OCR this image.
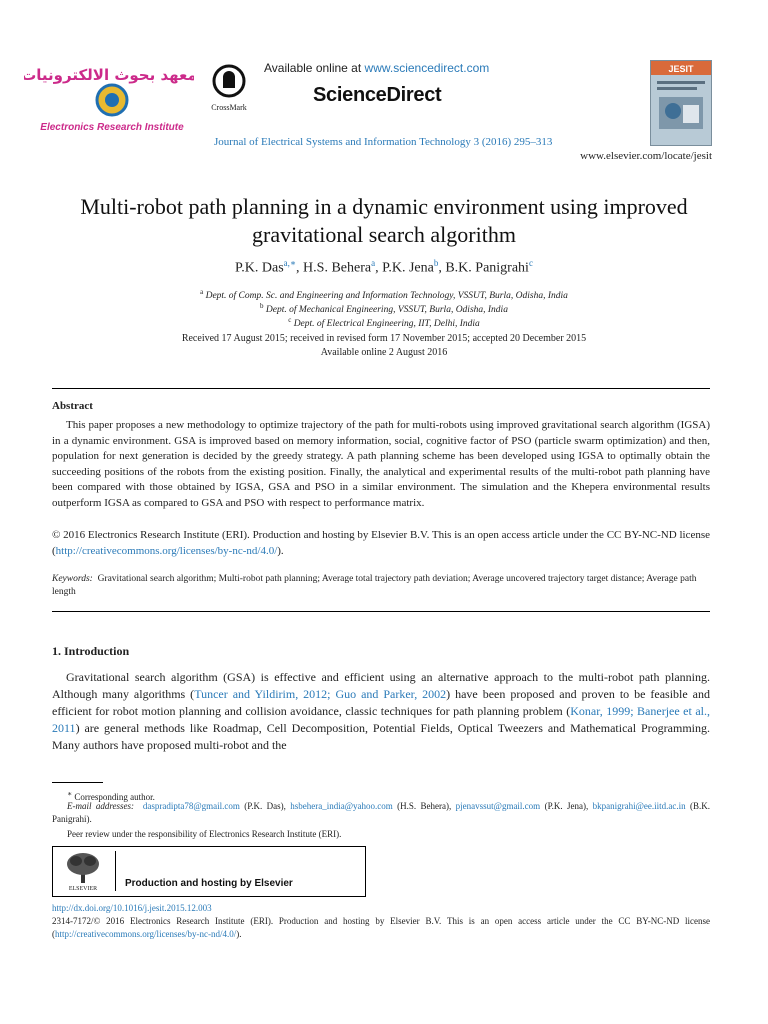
معهد بحوث الالكترونيات
Electronics Research Institute
CrossMark
Available online at www.sciencedirect.com
ScienceDirect
JESIT
Journal of Electrical Systems and Information Technology 3 (2016) 295–313
www.elsevier.com/locate/jesit
Multi-robot path planning in a dynamic environment using improved
gravitational search algorithm
P.K. Das$^{a,∗}$, H.S. Behera$^a$, P.K. Jena$^b$, B.K. Panigrahi$^c$
$^a$ Dept. of Comp. Sc. and Engineering and Information Technology, VSSUT, Burla, Odisha, India
$^b$ Dept. of Mechanical Engineering, VSSUT, Burla, Odisha, India
$^c$ Dept. of Electrical Engineering, IIT, Delhi, India
Received 17 August 2015; received in revised form 17 November 2015; accepted 20 December 2015
Available online 2 August 2016
Abstract
This paper proposes a new methodology to optimize trajectory of the path for multi-robots using improved gravitational search algorithm (IGSA) in a dynamic environment. GSA is improved based on memory information, social, cognitive factor of PSO (particle swarm optimization) and then, population for next generation is decided by the greedy strategy. A path planning scheme has been developed using IGSA to optimally obtain the succeeding positions of the robots from the existing position. Finally, the analytical and experimental results of the multi-robot path planning have been compared with those obtained by IGSA, GSA and PSO in a similar environment. The simulation and the Khepera environmental results outperform IGSA as compared to GSA and PSO with respect to performance matrix.
© 2016 Electronics Research Institute (ERI). Production and hosting by Elsevier B.V. This is an open access article under the CC BY-NC-ND license (http://creativecommons.org/licenses/by-nc-nd/4.0/).
Keywords: Gravitational search algorithm; Multi-robot path planning; Average total trajectory path deviation; Average uncovered trajectory target distance; Average path length
1. Introduction
Gravitational search algorithm (GSA) is effective and efficient using an alternative approach to the multi-robot path planning. Although many algorithms (Tuncer and Yildirim, 2012; Guo and Parker, 2002) have been proposed and proven to be feasible and efficient for robot motion planning and collision avoidance, classic techniques for path planning problem (Konar, 1999; Banerjee et al., 2011) are general methods like Roadmap, Cell Decomposition, Potential Fields, Optical Tweezers and Mathematical Programming. Many authors have proposed multi-robot and the
∗ Corresponding author.
E-mail addresses: daspradipta78@gmail.com (P.K. Das), hsbehera_india@yahoo.com (H.S. Behera), pjenavssut@gmail.com (P.K. Jena), bkpanigrahi@ee.iitd.ac.in (B.K. Panigrahi).
Peer review under the responsibility of Electronics Research Institute (ERI).
ELSEVIER	Production and hosting by Elsevier
http://dx.doi.org/10.1016/j.jesit.2015.12.003
2314-7172/© 2016 Electronics Research Institute (ERI). Production and hosting by Elsevier B.V. This is an open access article under the CC BY-NC-ND license (http://creativecommons.org/licenses/by-nc-nd/4.0/).
